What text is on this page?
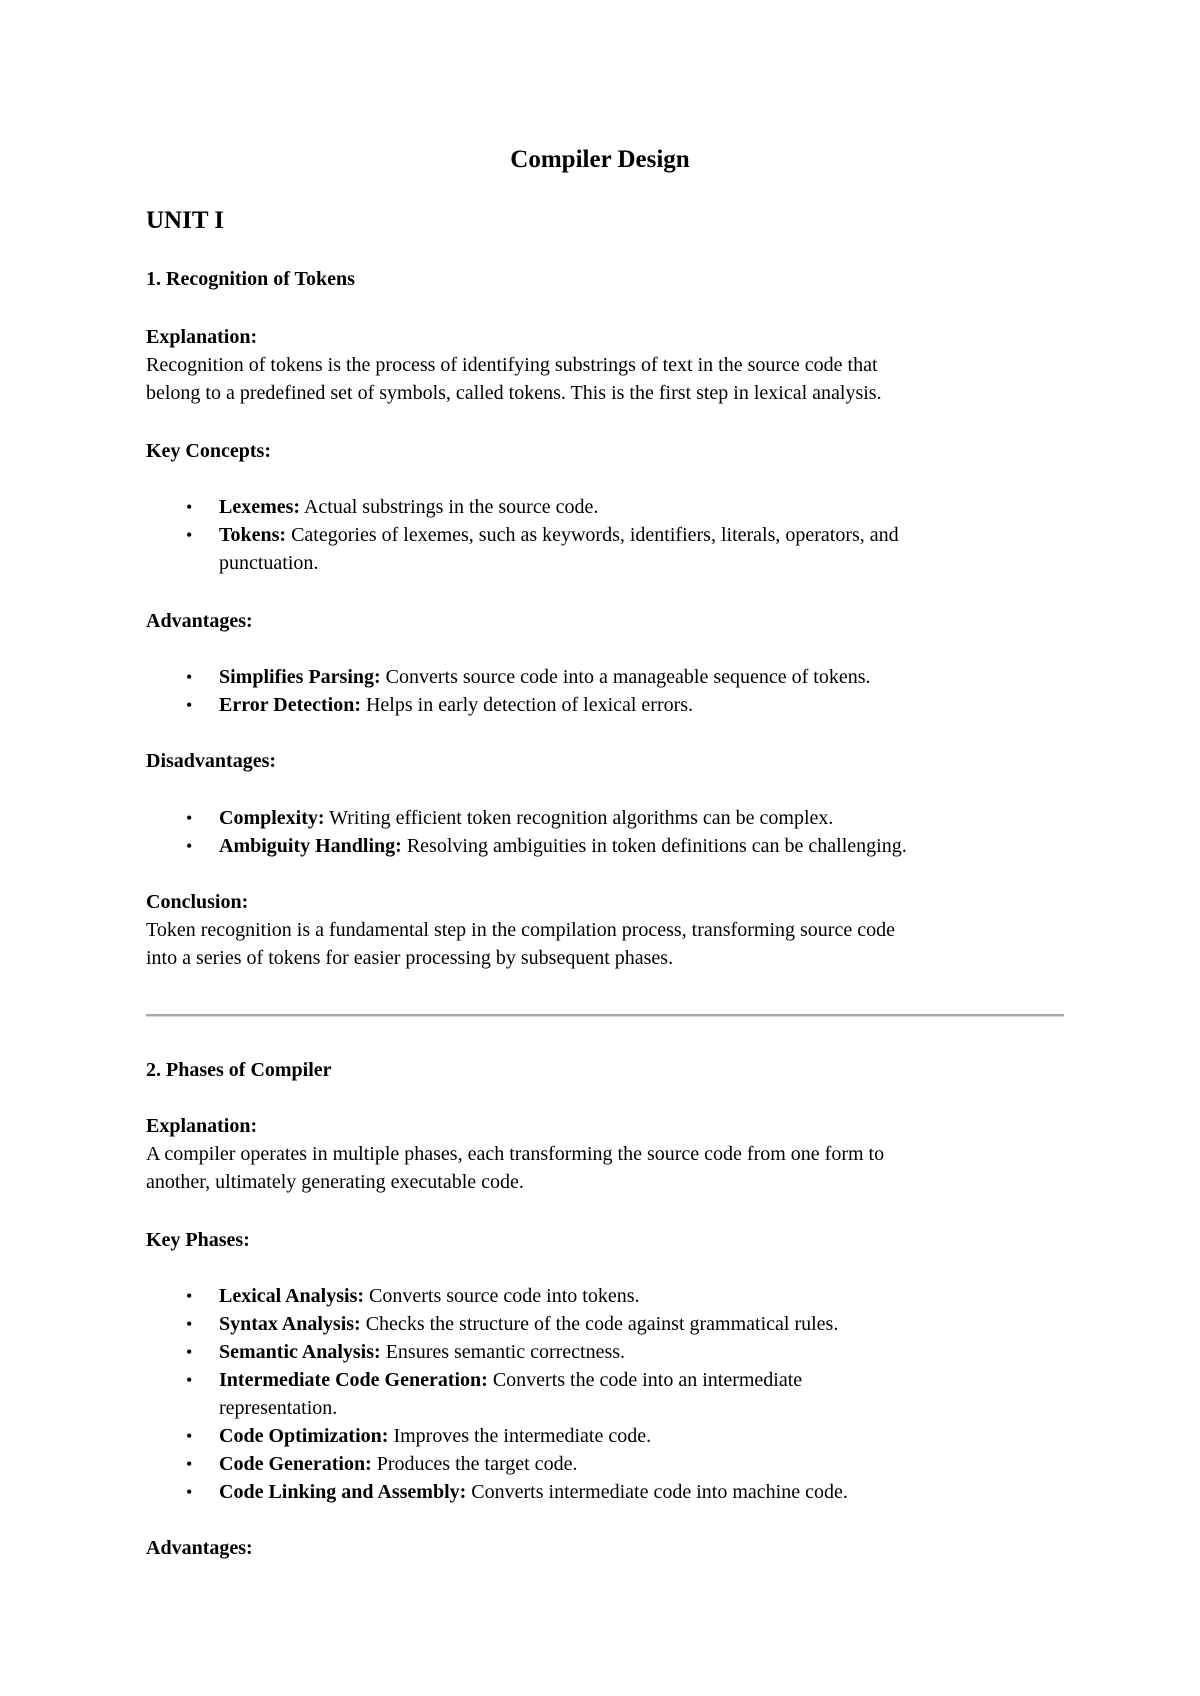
Compiler Design
UNIT I
1. Recognition of Tokens
Explanation:
Recognition of tokens is the process of identifying substrings of text in the source code that
belong to a predefined set of symbols, called tokens. This is the first step in lexical analysis.
Key Concepts:
• Lexemes: Actual substrings in the source code.
• Tokens: Categories of lexemes, such as keywords, identifiers, literals, operators, and
punctuation.
Advantages:
• Simplifies Parsing: Converts source code into a manageable sequence of tokens.
• Error Detection: Helps in early detection of lexical errors.
Disadvantages:
• Complexity: Writing efficient token recognition algorithms can be complex.
• Ambiguity Handling: Resolving ambiguities in token definitions can be challenging.
Conclusion:
Token recognition is a fundamental step in the compilation process, transforming source code
into a series of tokens for easier processing by subsequent phases.
2. Phases of Compiler
Explanation:
A compiler operates in multiple phases, each transforming the source code from one form to
another, ultimately generating executable code.
Key Phases:
• Lexical Analysis: Converts source code into tokens.
• Syntax Analysis: Checks the structure of the code against grammatical rules.
• Semantic Analysis: Ensures semantic correctness.
• Intermediate Code Generation: Converts the code into an intermediate
representation.
• Code Optimization: Improves the intermediate code.
• Code Generation: Produces the target code.
• Code Linking and Assembly: Converts intermediate code into machine code.
Advantages:
